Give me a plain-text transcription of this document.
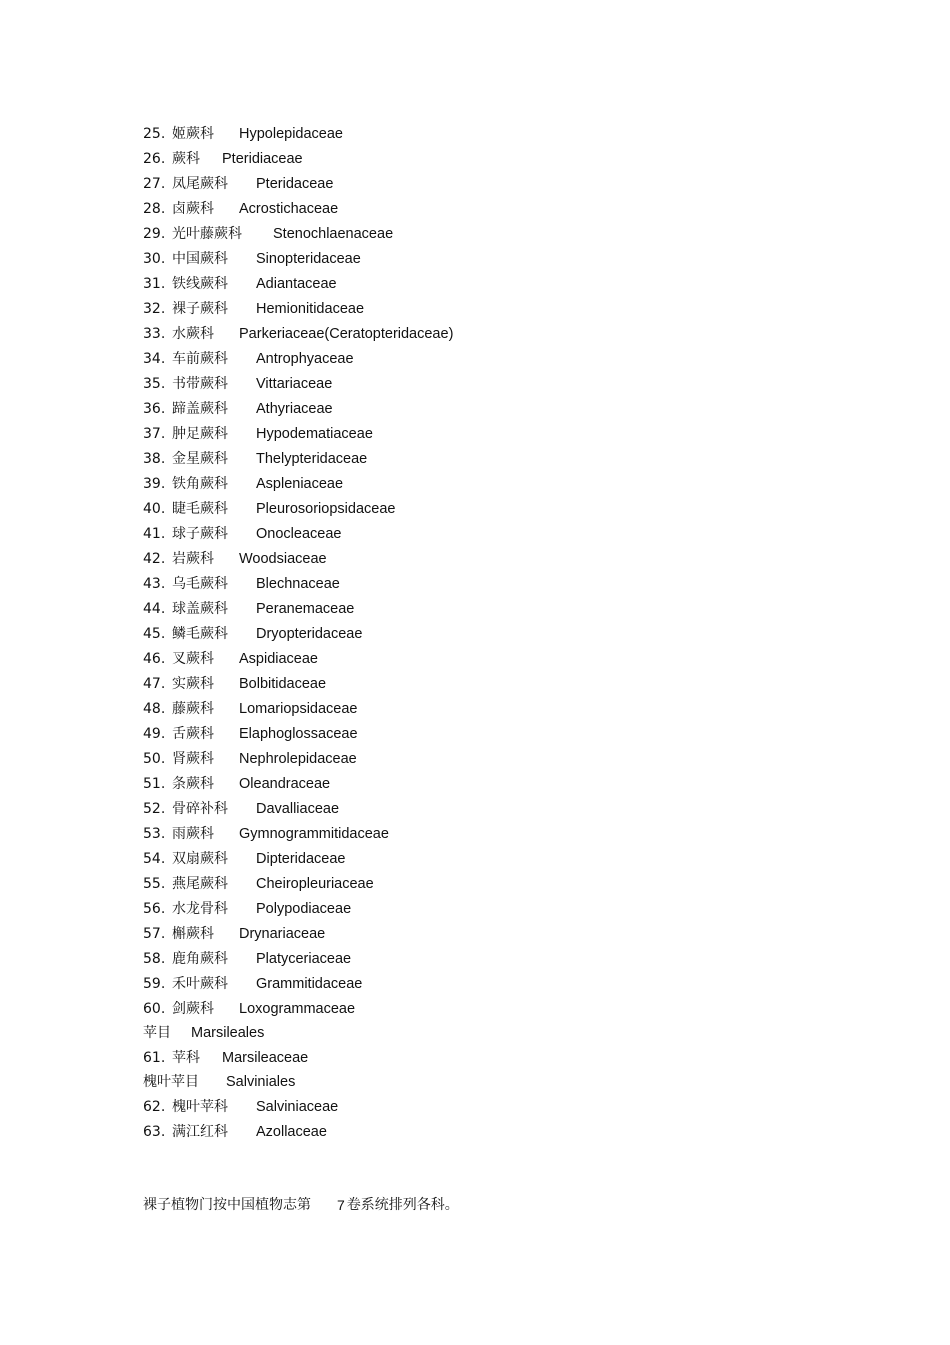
25. 姬蕨科	Hypolepidaceae
26. 蕨科	Pteridiaceae
27. 凤尾蕨科	Pteridaceae
28. 卤蕨科	Acrostichaceae
29. 光叶藤蕨科	Stenochlaenaceae
30. 中国蕨科	Sinopteridaceae
31. 铁线蕨科	Adiantaceae
32. 裸子蕨科	Hemionitidaceae
33. 水蕨科	Parkeriaceae(Ceratopteridaceae)
34. 车前蕨科	Antrophyaceae
35. 书带蕨科	Vittariaceae
36. 蹄盖蕨科	Athyriaceae
37. 肿足蕨科	Hypodematiaceae
38. 金星蕨科	Thelypteridaceae
39. 铁角蕨科	Aspleniaceae
40. 睫毛蕨科	Pleurosoriopsidaceae
41. 球子蕨科	Onocleaceae
42. 岩蕨科	Woodsiaceae
43. 乌毛蕨科	Blechnaceae
44. 球盖蕨科	Peranemaceae
45. 鳞毛蕨科	Dryopteridaceae
46. 叉蕨科	Aspidiaceae
47. 实蕨科	Bolbitidaceae
48. 藤蕨科	Lomariopsidaceae
49. 舌蕨科	Elaphoglossaceae
50. 肾蕨科	Nephrolepidaceae
51. 条蕨科	Oleandraceae
52. 骨碎补科	Davalliaceae
53. 雨蕨科	Gymnogrammitidaceae
54. 双扇蕨科	Dipteridaceae
55. 燕尾蕨科	Cheiropleuriaceae
56. 水龙骨科	Polypodiaceae
57. 槲蕨科	Drynariaceae
58. 鹿角蕨科	Platyceriaceae
59. 禾叶蕨科	Grammitidaceae
60. 剑蕨科	Loxogrammaceae
苹目	Marsileales
61. 苹科	Marsileaceae
槐叶苹目	Salviniales
62. 槐叶苹科	Salviniaceae
63. 满江红科	Azollaceae
裸子植物门按中国植物志第 7 卷系统排列各科。
